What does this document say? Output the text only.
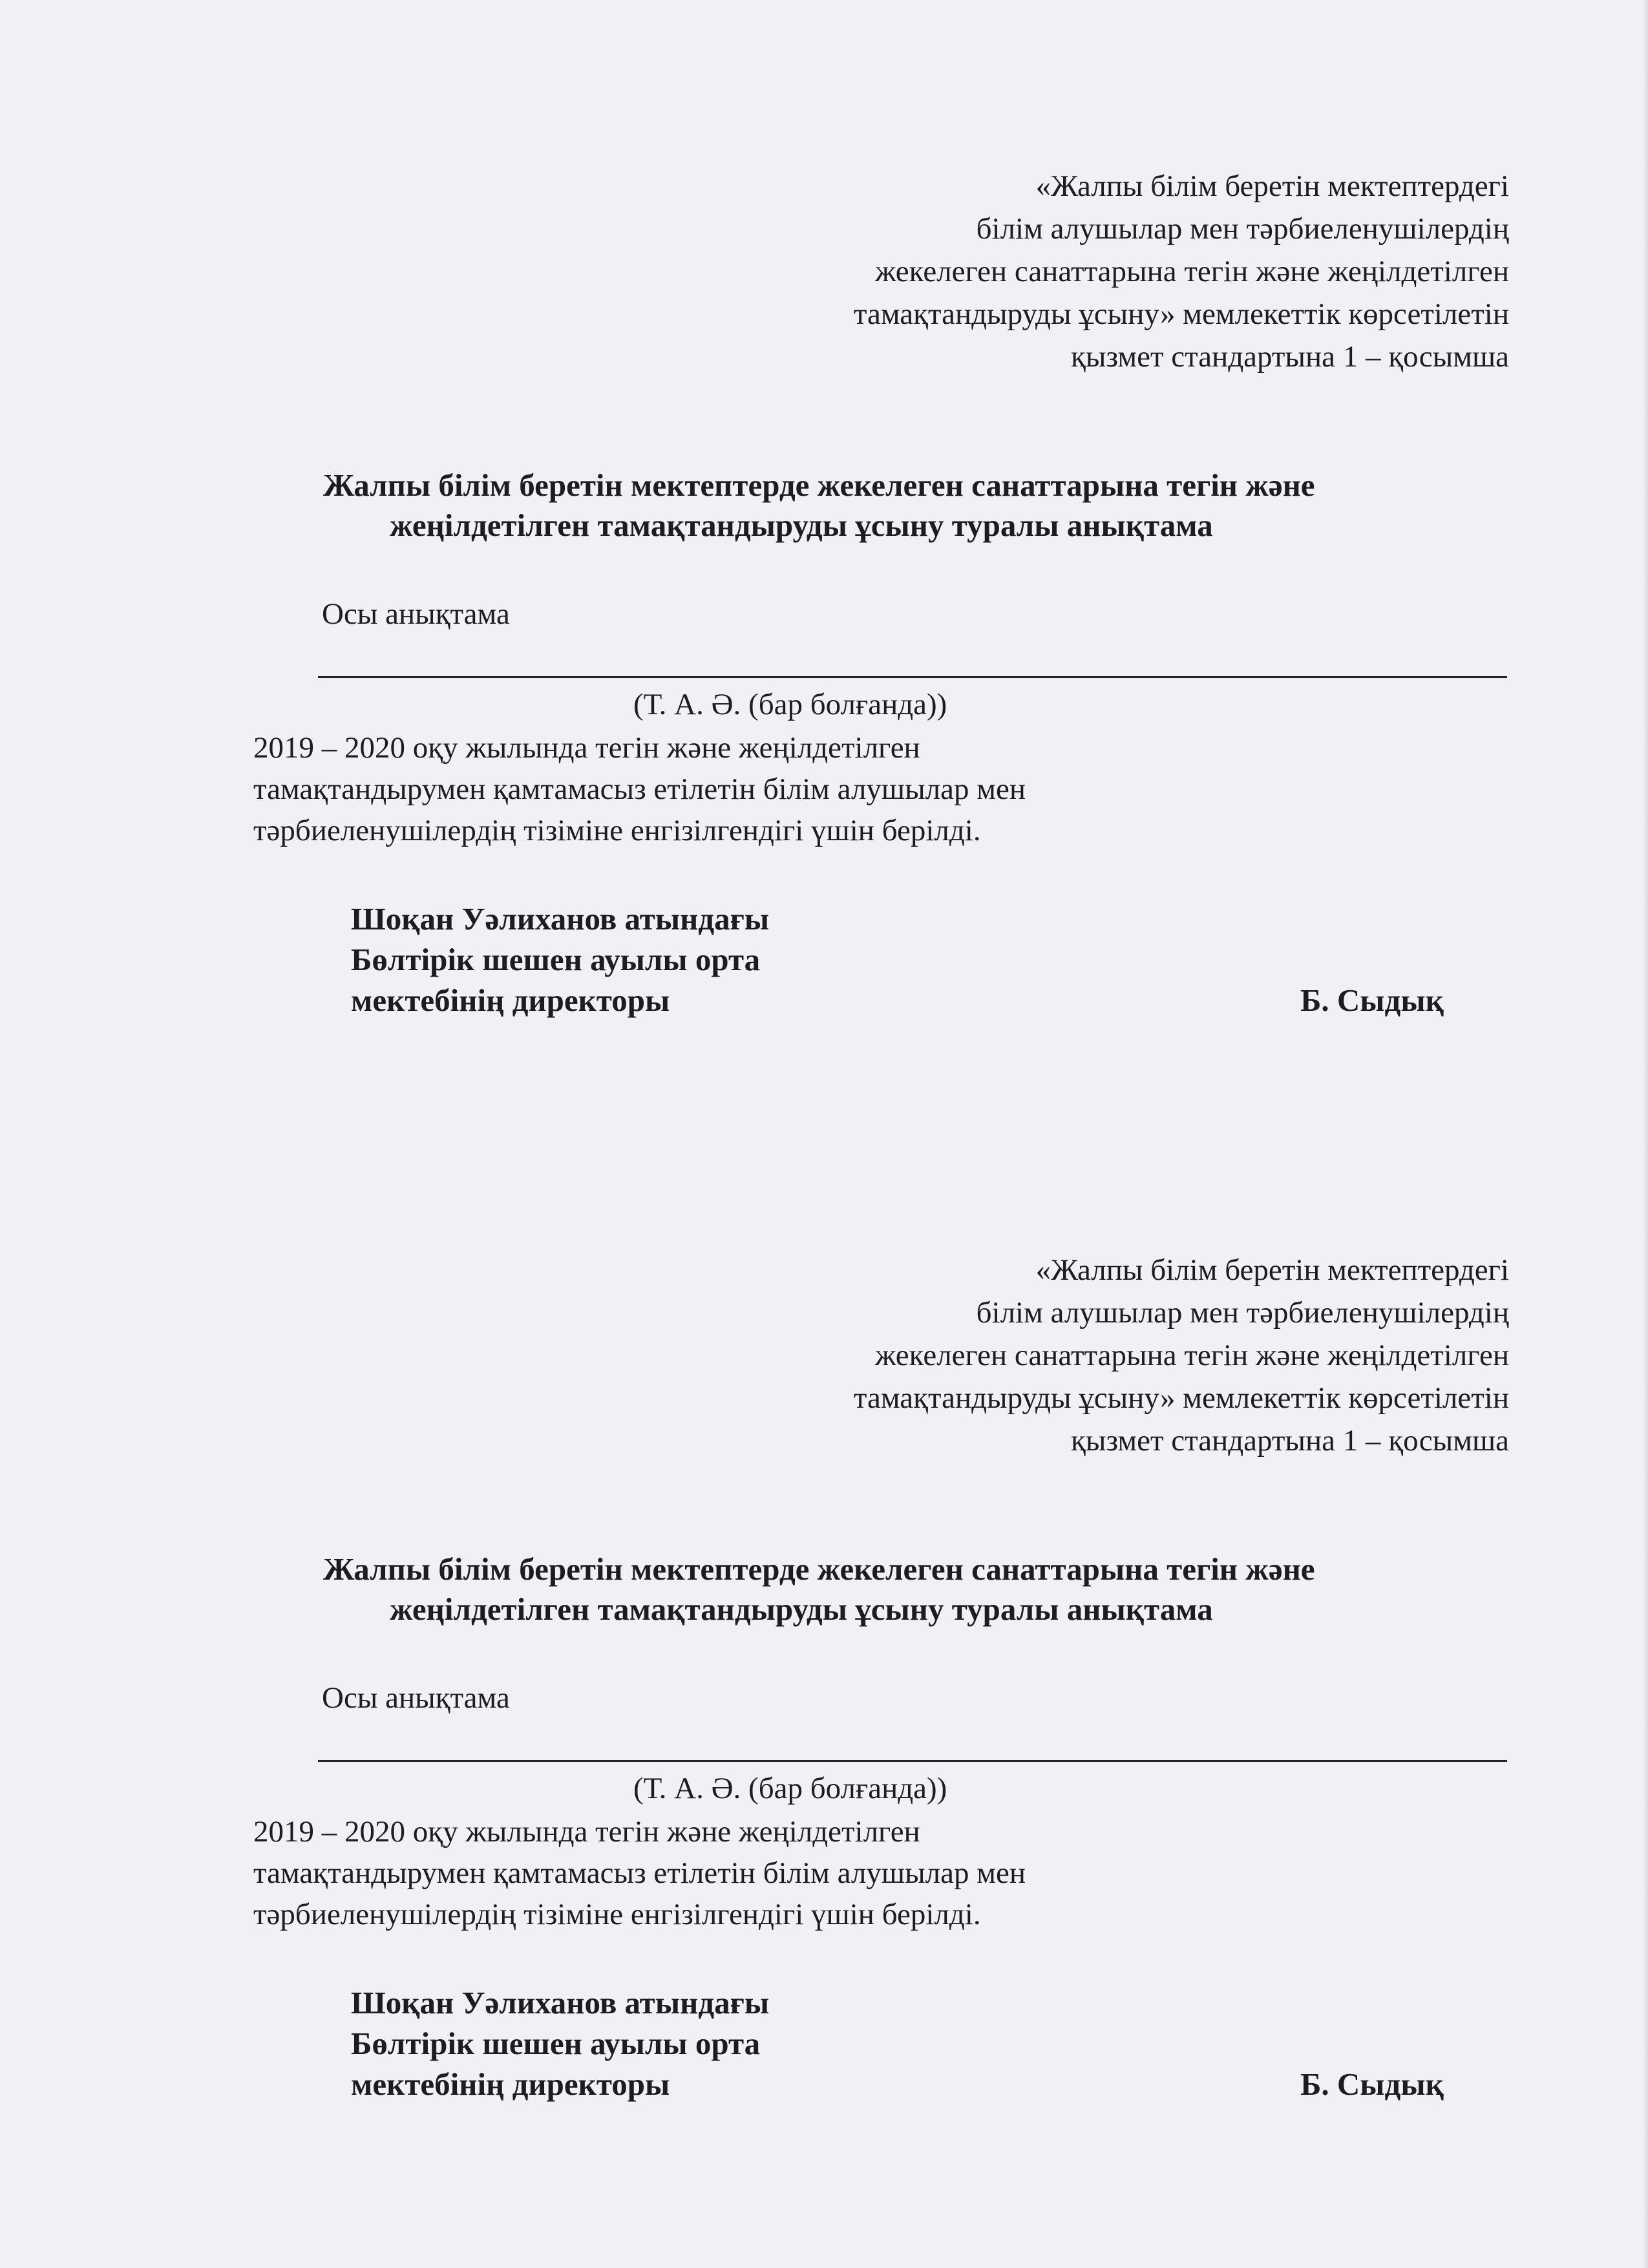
«Жалпы білім беретін мектептердегі
білім алушылар мен тәрбиеленушілердің
жекелеген санаттарына тегін және жеңілдетілген
тамақтандыруды ұсыну» мемлекеттік көрсетілетін
қызмет стандартына 1 – қосымша
Жалпы білім беретін мектептерде жекелеген санаттарына тегін және
жеңілдетілген тамақтандыруды ұсыну туралы анықтама
Осы анықтама
(Т. А. Ә. (бар болғанда))
2019 – 2020 оқу жылында тегін және жеңілдетілген
тамақтандырумен қамтамасыз етілетін білім алушылар мен
тәрбиеленушілердің тізіміне енгізілгендігі үшін берілді.
Шоқан Уәлиханов атындағы
Бөлтірік шешен ауылы орта
мектебінің директоры	Б. Сыдық
«Жалпы білім беретін мектептердегі
білім алушылар мен тәрбиеленушілердің
жекелеген санаттарына тегін және жеңілдетілген
тамақтандыруды ұсыну» мемлекеттік көрсетілетін
қызмет стандартына 1 – қосымша
Жалпы білім беретін мектептерде жекелеген санаттарына тегін және
жеңілдетілген тамақтандыруды ұсыну туралы анықтама
Осы анықтама
(Т. А. Ә. (бар болғанда))
2019 – 2020 оқу жылында тегін және жеңілдетілген
тамақтандырумен қамтамасыз етілетін білім алушылар мен
тәрбиеленушілердің тізіміне енгізілгендігі үшін берілді.
Шоқан Уәлиханов атындағы
Бөлтірік шешен ауылы орта
мектебінің директоры	Б. Сыдық
